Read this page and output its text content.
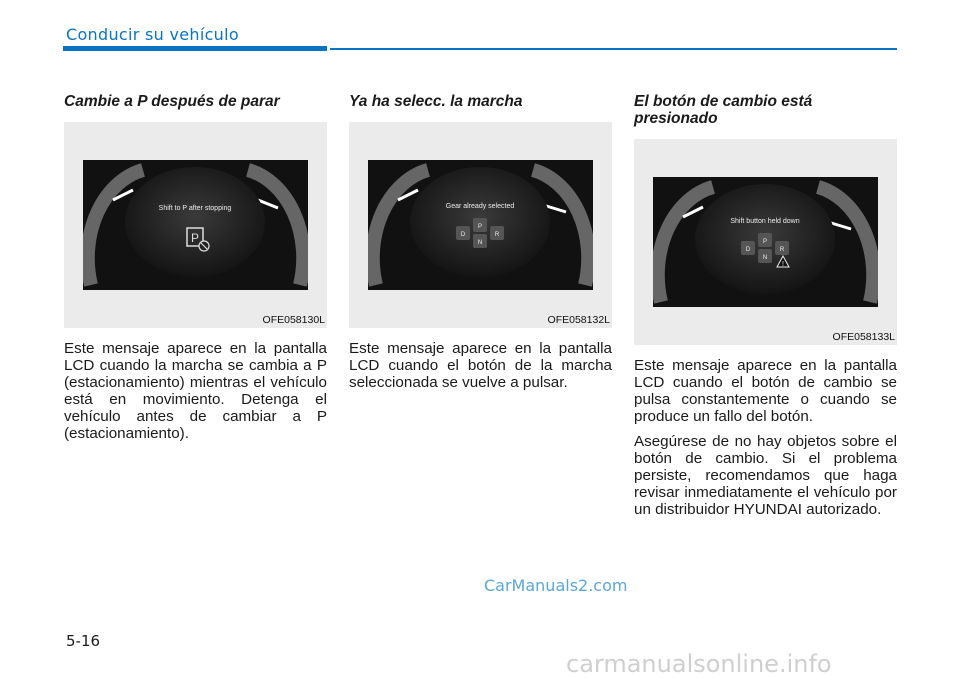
Conducir su vehículo
Cambie a P después de parar
Shift to P after stopping
P
OFE058130L

Este mensaje aparece en la pantalla LCD cuando la marcha se cambia a P (estacionamiento) mientras el vehículo está en movimiento. Detenga el vehículo antes de cambiar a P (estacionamiento).

Ya ha selecc. la marcha
Gear already selected
D
P
R
N
OFE058132L

Este mensaje aparece en la pantalla LCD cuando el botón de la marcha seleccionada se vuelve a pulsar.

El botón de cambio está presionado
Shift button held down
D
P
R
N
!
OFE058133L

Este mensaje aparece en la pantalla LCD cuando el botón de cambio se pulsa constantemente o cuando se produce un fallo del botón.

Asegúrese de no hay objetos sobre el botón de cambio. Si el problema persiste, recomendamos que haga revisar inmediatamente el vehículo por un distribuidor HYUNDAI autorizado.

CarManuals2.com
5-16
carmanualsonline.info
